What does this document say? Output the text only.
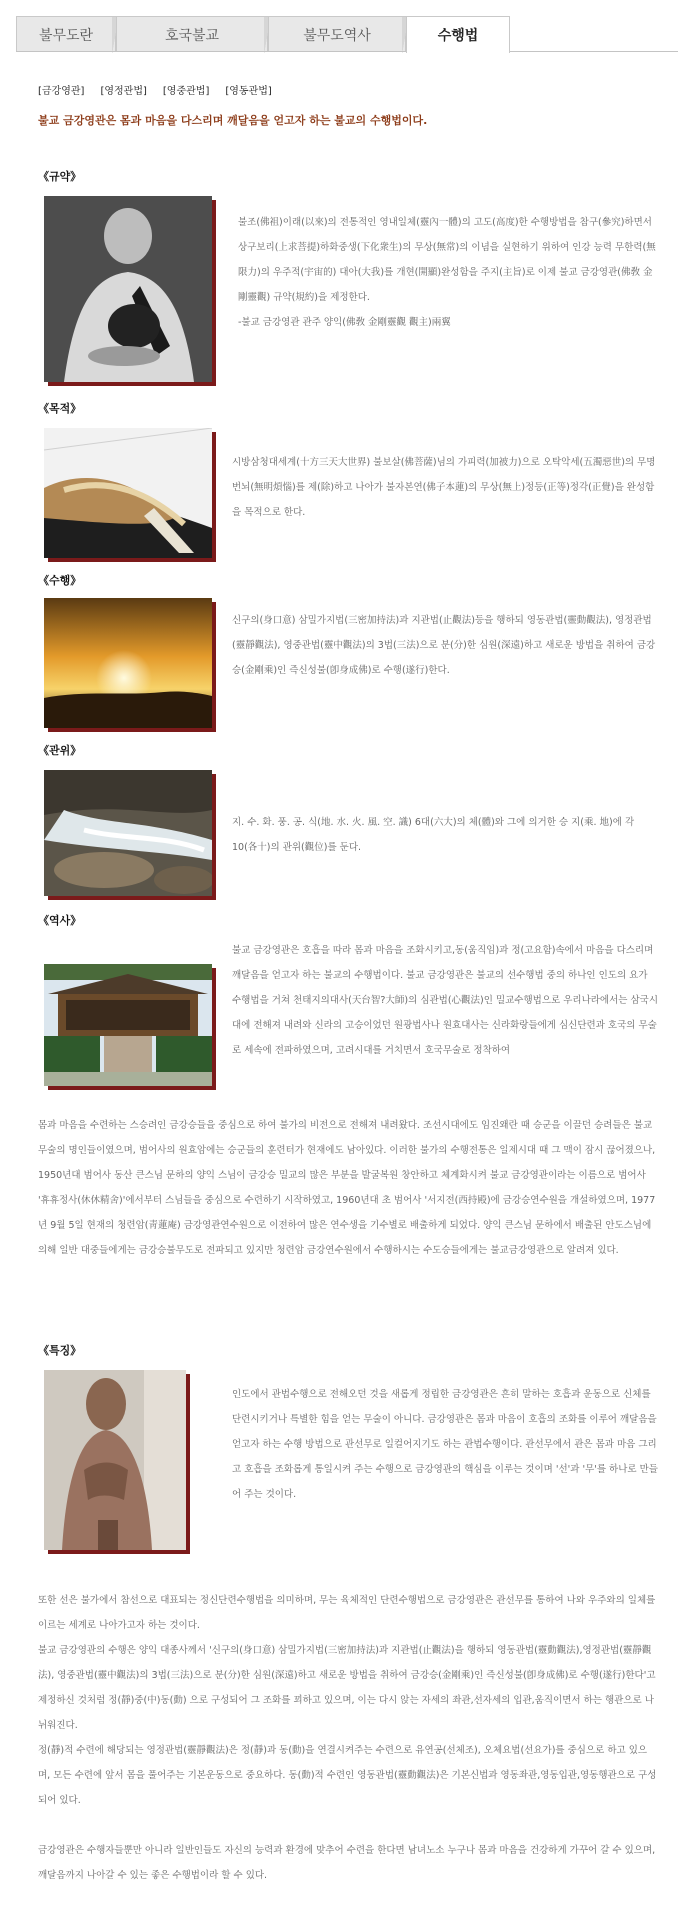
불무도란	호국불교	불무도역사	수행법
[금강영관] [영정관법] [영중관법] [영동관법]
불교 금강영관은 몸과 마음을 다스리며 깨달음을 얻고자 하는 불교의 수행법이다.
《규약》

불조(佛祖)이래(以來)의 전통적인 영내일체(靈內一體)의 고도(高度)한 수행방법을 참구(參究)하면서 상구보리(上求菩提)하화중생(下化衆生)의 무상(無常)의 이념을 실현하기 위하여 인강 능력 무한력(無限力)의 우주적(宇宙的) 대아(大我)를 개현(開顯)완성함을 주지(主旨)로 이제 불교 금강영관(佛敎 金剛靈觀) 규약(規約)을 제정한다.

-불교 금강영관 관주 양익(佛敎 金剛靈觀 觀主)兩翼

《목적》

시방삼청대세계(十方三天大世界) 불보살(佛菩薩)님의 가피력(加被力)으로 오탁악세(五濁惡世)의 무명번뇌(無明煩惱)를 제(除)하고 나아가 불자본연(佛子本蓮)의 무상(無上)정등(正等)정각(正覺)을 완성함을 목적으로 한다.

《수행》

신구의(身口意) 삼밀가지법(三密加持法)과 지관법(止觀法)등을 행하되 영동관법(靈動觀法), 영정관법(靈靜觀法), 영중관법(靈中觀法)의 3법(三法)으로 분(分)한 심원(深遠)하고 새로운 방법을 취하여 금강승(金剛乘)인 즉신성불(卽身成佛)로 수행(遂行)한다.

《관위》

지. 수. 화. 풍. 공. 식(地. 水. 火. 風. 空. 識) 6대(六大)의 체(體)와 그에 의거한 승 지(乘. 地)에 각10(各十)의 관위(觀位)를 둔다.

《역사》

불교 금강영관은 호흡을 따라 몸과 마음을 조화시키고,동(움직임)과 정(고요함)속에서 마음을 다스리며 깨달음을 얻고자 하는 불교의 수행법이다. 불교 금강영관은 불교의 선수행법 중의 하나인 인도의 요가 수행법을 거쳐 천태지의대사(天台智?大師)의 심관법(心觀法)인 밀교수행법으로 우리나라에서는 삼국시대에 전해져 내려와 신라의 고승이었던 원광법사나 원효대사는 신라화랑들에게 심신단련과 호국의 무술로 세속에 전파하였으며, 고려시대를 거치면서 호국무술로 정착하여

몸과 마음을 수련하는 스승려인 금강승들을 중심으로 하여 불가의 비전으로 전해져 내려왔다. 조선시대에도 임진왜란 때 승군을 이끌던 승려들은 불교무술의 명인들이였으며, 범어사의 원효암에는 승군들의 훈련터가 현재에도 남아있다. 이러한 불가의 수행전통은 일제시대 때 그 맥이 잠시 끊어졌으나, 1950년대 범어사 동산 큰스님 문하의 양익 스님이 금강승 밀교의 많은 부분을 발굴복원 창안하고 체계화시켜 불교 금강영관이라는 이름으로 범어사 '휴휴정사(休休精舍)'에서부터 스님들을 중심으로 수련하기 시작하였고, 1960년대 초 범어사 '서지전(西持殿)에 금강승연수원을 개설하였으며, 1977년 9월 5일 현재의 청련암(靑蓮庵) 금강영관연수원으로 이전하여 많은 연수생을 기수별로 배출하게 되었다. 양익 큰스님 문하에서 배출된 안도스님에 의해 일반 대중들에게는 금강승불무도로 전파되고 있지만 청련암 금강연수원에서 수행하시는 수도승들에게는 불교금강영관으로 알려져 있다.

《특징》

인도에서 관법수행으로 전해오던 것을 새롭게 정립한 금강영관은 흔히 말하는 호흡과 운동으로 신체를 단련시키거나 특별한 힘을 얻는 무술이 아니다. 금강영관은 몸과 마음이 호흡의 조화를 이루어 깨달음을 얻고자 하는 수행 방법으로 관선무로 일컬어지기도 하는 관법수행이다. 관선무에서 관은 몸과 마음 그리고 호흡을 조화롭게 통일시켜 주는 수행으로 금강영관의 핵심을 이루는 것이며 '선'과 '무'를 하나로 만들어 주는 것이다.

또한 선은 불가에서 참선으로 대표되는 정신단련수행법을 의미하며, 무는 육체적인 단련수행법으로 금강영관은 관선무를 통하여 나와 우주와의 일체를 이르는 세계로 나아가고자 하는 것이다.
불교 금강영관의 수행은 양익 대종사께서 '신구의(身口意) 삼밀가지법(三密加持法)과 지관법(止觀法)을 행하되 영동관법(靈動觀法),영정관법(靈靜觀法), 영중관법(靈中觀法)의 3법(三法)으로 분(分)한 심원(深遠)하고 새로운 방법을 취하여 금강승(金剛乘)인 즉신성불(卽身成佛)로 수행(遂行)한다'고 제정하신 것처럼 정(靜)중(中)동(動) 으로 구성되어 그 조화를 꾀하고 있으며, 이는 다시 앉는 자세의 좌관,선자세의 입관,움직이면서 하는 행관으로 나뉘워진다.
정(靜)적 수련에 해당되는 영정관법(靈靜觀法)은 정(靜)과 동(動)을 연결시켜주는 수련으로 유연공(선체조), 오체요법(선요가)를 중심으로 하고 있으며, 모든 수련에 앞서 몸을 풀어주는 기본운동으로 중요하다. 동(動)적 수련인 영동관법(靈動觀法)은 기본신법과 영동좌관,영동입관,영동행관으로 구성되어 있다.

금강영관은 수행자들뿐만 아니라 일반인들도 자신의 능력과 환경에 맞추어 수련을 한다면 남녀노소 누구나 몸과 마음을 건강하게 가꾸어 갈 수 있으며, 깨달음까지 나아갈 수 있는 좋은 수행법이라 할 수 있다.
